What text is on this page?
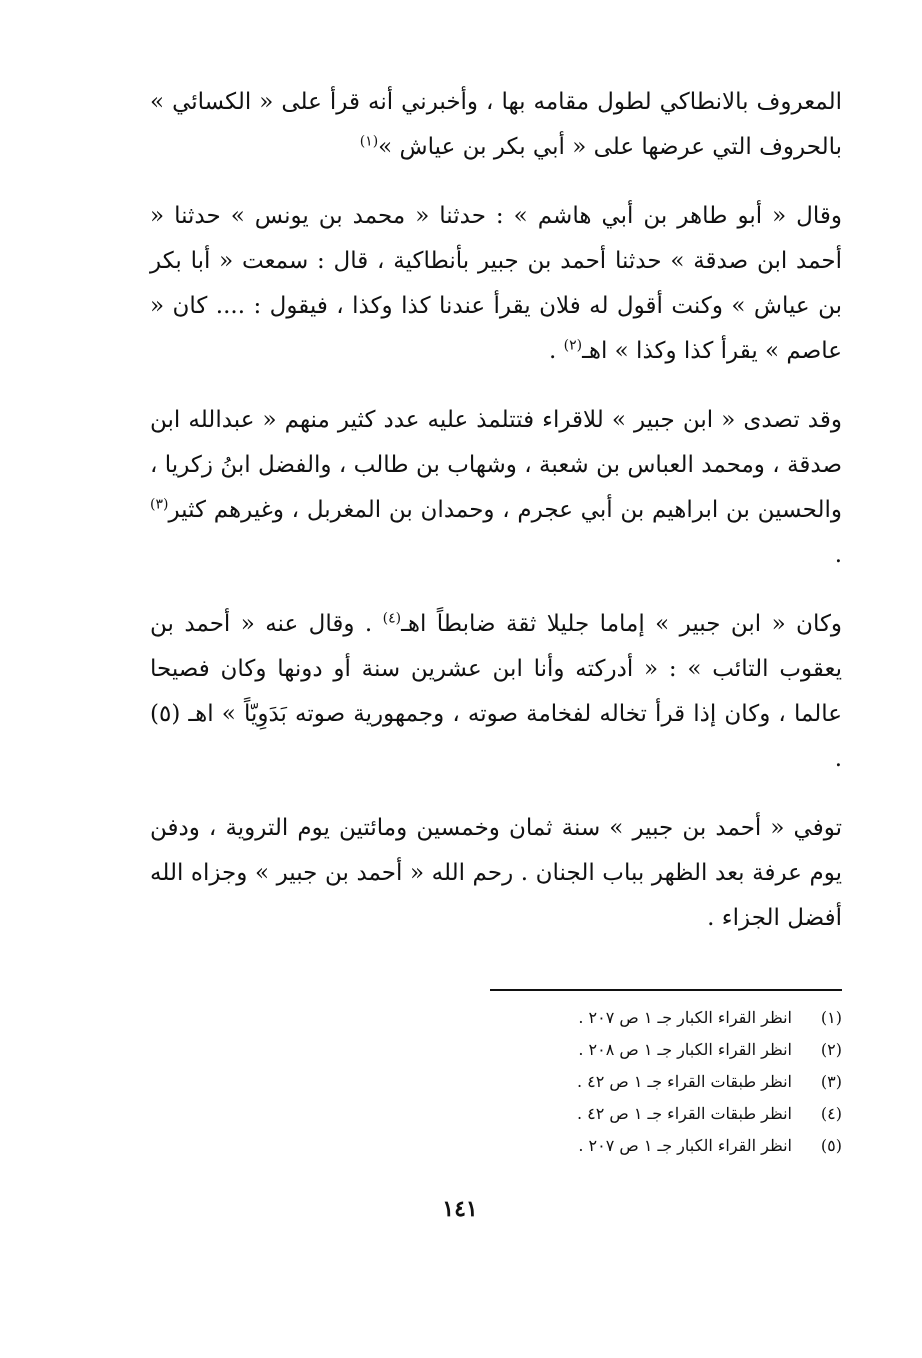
المعروف بالانطاكي لطول مقامه بها ، وأخبرني أنه قرأ على « الكسائي » بالحروف التي عرضها على « أبي بكر بن عياش »$^{(١)}$

وقال « أبو طاهر بن أبي هاشم » : حدثنا « محمد بن يونس » حدثنا « أحمد ابن صدقة » حدثنا أحمد بن جبير بأنطاكية ، قال : سمعت « أبا بكر بن عياش » وكنت أقول له فلان يقرأ عندنا كذا وكذا ، فيقول : .... كان « عاصم » يقرأ كذا وكذا » اهـ$^{(٢)}$ .

وقد تصدى « ابن جبير » للاقراء فتتلمذ عليه عدد كثير منهم « عبدالله ابن صدقة ، ومحمد العباس بن شعبة ، وشهاب بن طالب ، والفضل ابنُ زكريا ، والحسين بن ابراهيم بن أبي عجرم ، وحمدان بن المغربل ، وغيرهم كثير$^{(٣)}$ .

وكان « ابن جبير » إماما جليلا ثقة ضابطاً اهـ$^{(٤)}$ . وقال عنه « أحمد بن يعقوب التائب » : « أدركته وأنا ابن عشرين سنة أو دونها وكان فصيحا عالما ، وكان إذا قرأ تخاله لفخامة صوته ، وجمهورية صوته بَدَوِيّاً » اهـ (٥) .

توفي « أحمد بن جبير » سنة ثمان وخمسين ومائتين يوم التروية ، ودفن يوم عرفة بعد الظهر بباب الجنان . رحم الله « أحمد بن جبير » وجزاه الله أفضل الجزاء .

(١)
انظر القراء الكبار جـ ١ ص ٢٠٧ .
(٢)
انظر القراء الكبار جـ ١ ص ٢٠٨ .
(٣)
انظر طبقات القراء جـ ١ ص ٤٢ .
(٤)
انظر طبقات القراء جـ ١ ص ٤٢ .
(٥)
انظر القراء الكبار جـ ١ ص ٢٠٧ .
١٤١
